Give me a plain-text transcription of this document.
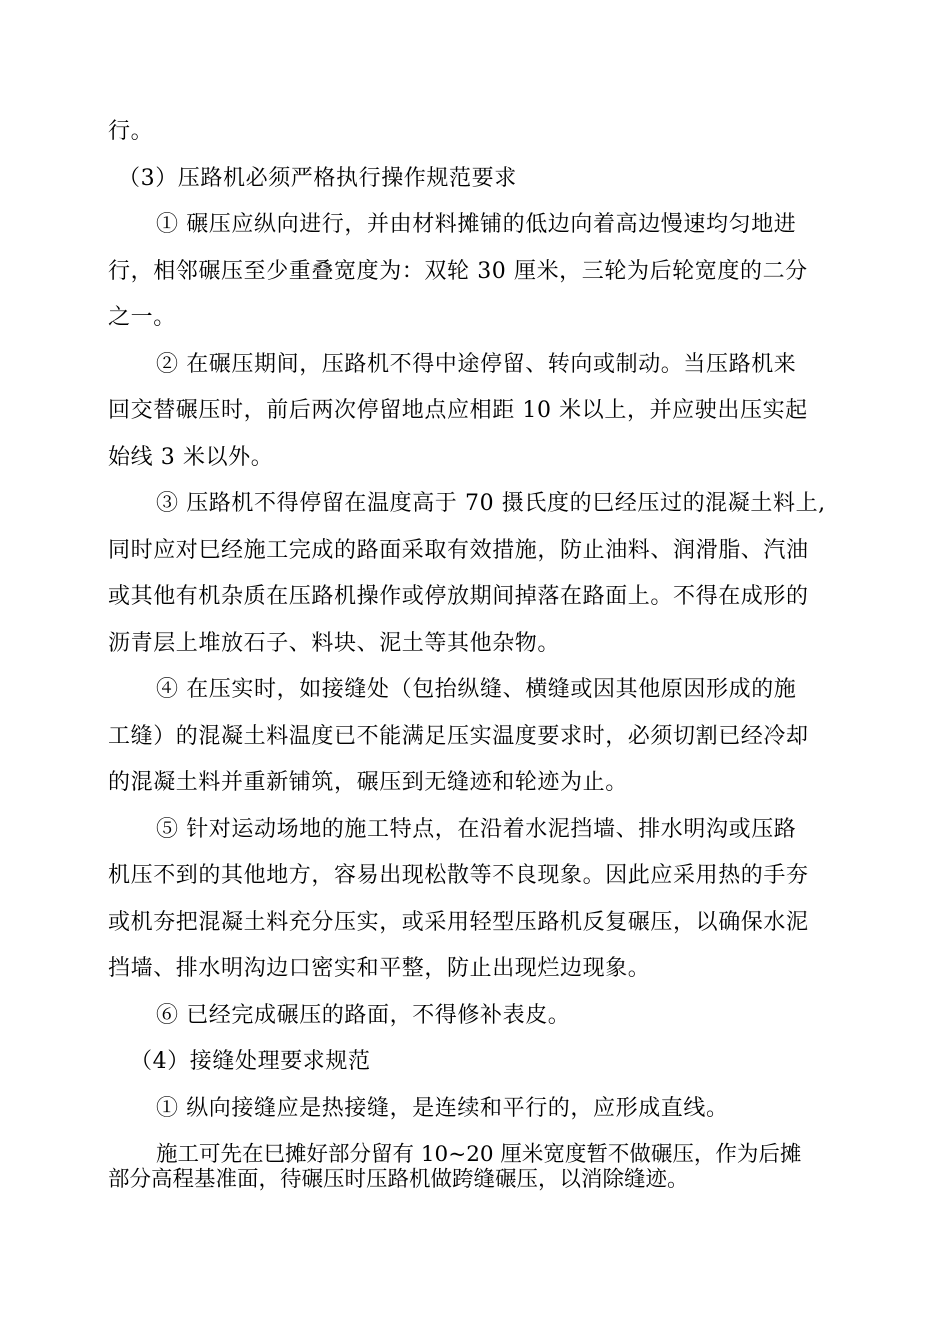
行。
（3）压路机必须严格执行操作规范要求
① 碾压应纵向进行，并由材料摊铺的低边向着高边慢速均匀地进
行，相邻碾压至少重叠宽度为：双轮 30 厘米，三轮为后轮宽度的二分
之一。
② 在碾压期间，压路机不得中途停留、转向或制动。当压路机来
回交替碾压时，前后两次停留地点应相距 10 米以上，并应驶出压实起
始线 3 米以外。
③ 压路机不得停留在温度高于 70 摄氏度的巳经压过的混凝土料上,
同时应对巳经施工完成的路面采取有效措施，防止油料、润滑脂、汽油
或其他有机杂质在压路机操作或停放期间掉落在路面上。不得在成形的
沥青层上堆放石子、料块、泥土等其他杂物。
④ 在压实时，如接缝处（包抬纵缝、横缝或因其他原因形成的施
工缝）的混凝土料温度已不能满足压实温度要求时，必须切割已经冷却
的混凝土料并重新铺筑，碾压到无缝迹和轮迹为止。
⑤ 针对运动场地的施工特点，在沿着水泥挡墙、排水明沟或压路
机压不到的其他地方，容易出现松散等不良现象。因此应采用热的手夯
或机夯把混凝土料充分压实，或采用轻型压路机反复碾压，以确保水泥
挡墙、排水明沟边口密实和平整，防止出现烂边现象。
⑥ 已经完成碾压的路面，不得修补表皮。
（4）接缝处理要求规范
① 纵向接缝应是热接缝，是连续和平行的，应形成直线。
施工可先在巳摊好部分留有 10~20 厘米宽度暂不做碾压，作为后摊
部分高程基准面，待碾压时压路机做跨缝碾压，以消除缝迹。
